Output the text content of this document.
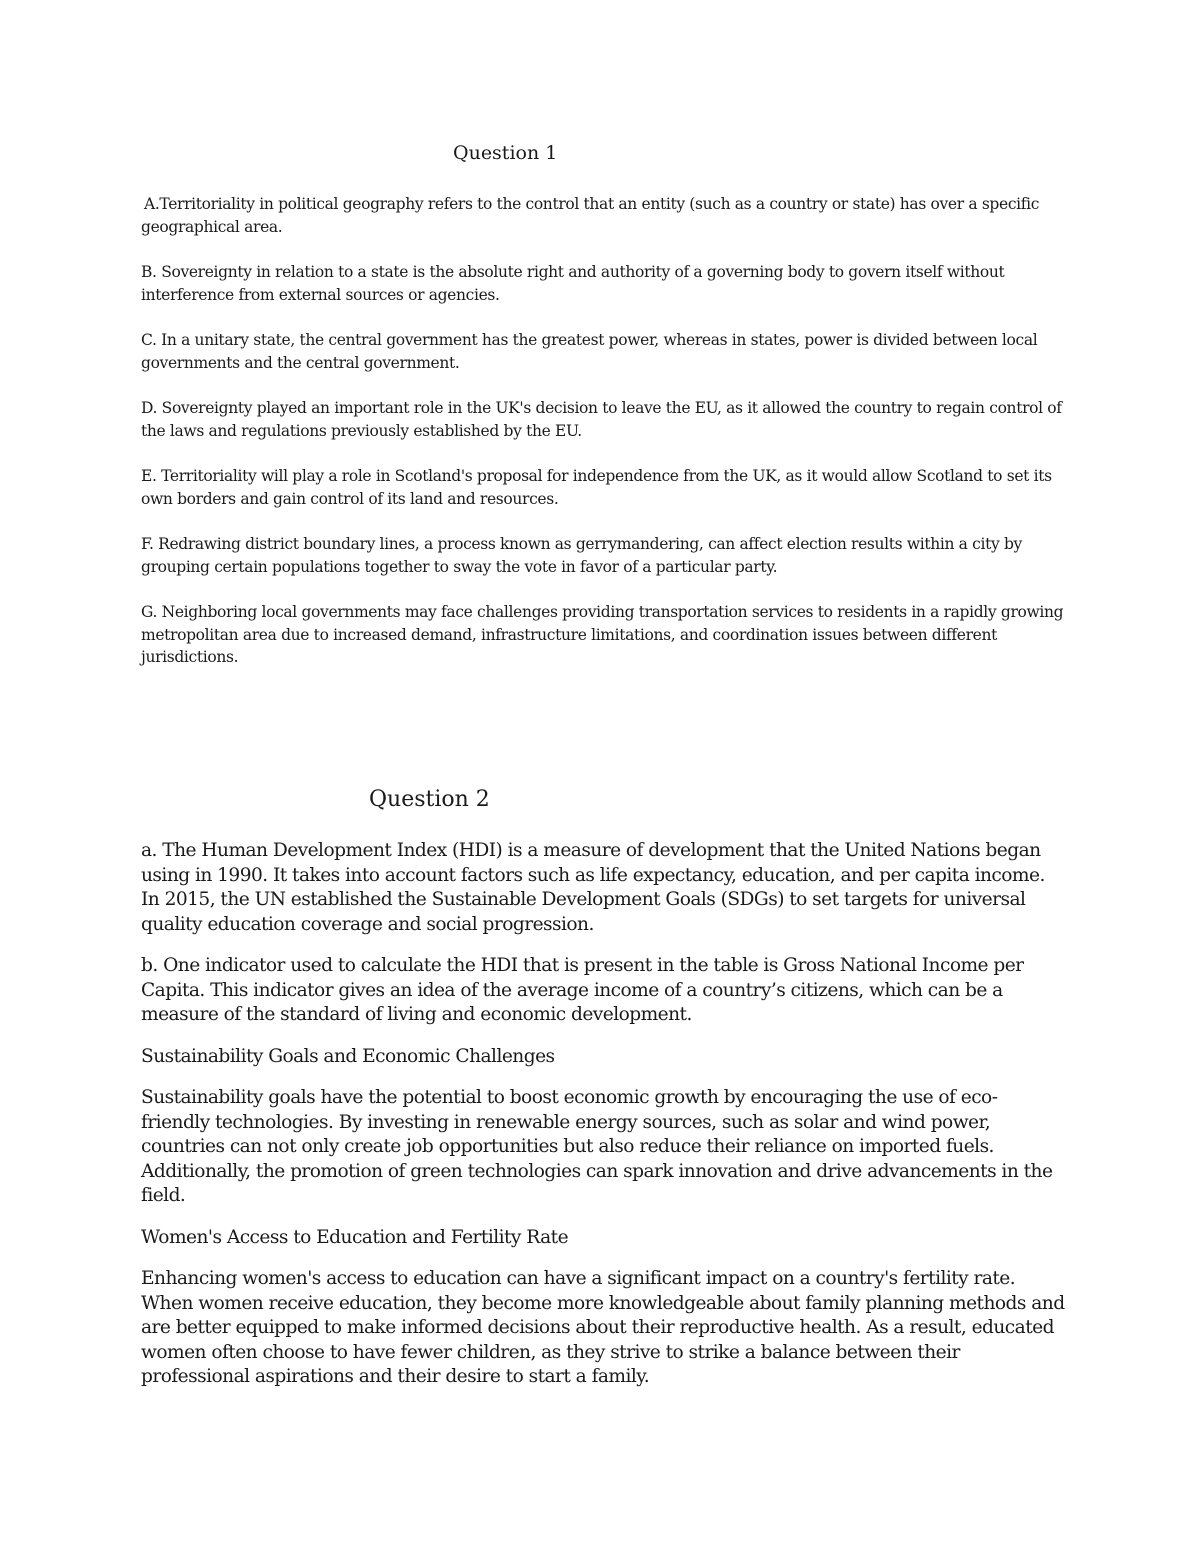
Question 1

A.Territoriality in political geography refers to the control that an entity (such as a country or state) has over a specific geographical area.

B. Sovereignty in relation to a state is the absolute right and authority of a governing body to govern itself without interference from external sources or agencies.

C. In a unitary state, the central government has the greatest power, whereas in states, power is divided between local governments and the central government.

D. Sovereignty played an important role in the UK's decision to leave the EU, as it allowed the country to regain control of the laws and regulations previously established by the EU.

E. Territoriality will play a role in Scotland's proposal for independence from the UK, as it would allow Scotland to set its own borders and gain control of its land and resources.

F. Redrawing district boundary lines, a process known as gerrymandering, can affect election results within a city by grouping certain populations together to sway the vote in favor of a particular party.

G. Neighboring local governments may face challenges providing transportation services to residents in a rapidly growing metropolitan area due to increased demand, infrastructure limitations, and coordination issues between different jurisdictions.

Question 2

a. The Human Development Index (HDI) is a measure of development that the United Nations began using in 1990. It takes into account factors such as life expectancy, education, and per capita income. In 2015, the UN established the Sustainable Development Goals (SDGs) to set targets for universal quality education coverage and social progression.

b. One indicator used to calculate the HDI that is present in the table is Gross National Income per Capita. This indicator gives an idea of the average income of a country’s citizens, which can be a measure of the standard of living and economic development.

Sustainability Goals and Economic Challenges

Sustainability goals have the potential to boost economic growth by encouraging the use of eco-friendly technologies. By investing in renewable energy sources, such as solar and wind power, countries can not only create job opportunities but also reduce their reliance on imported fuels. Additionally, the promotion of green technologies can spark innovation and drive advancements in the field.

Women's Access to Education and Fertility Rate

Enhancing women's access to education can have a significant impact on a country's fertility rate. When women receive education, they become more knowledgeable about family planning methods and are better equipped to make informed decisions about their reproductive health. As a result, educated women often choose to have fewer children, as they strive to strike a balance between their professional aspirations and their desire to start a family.
